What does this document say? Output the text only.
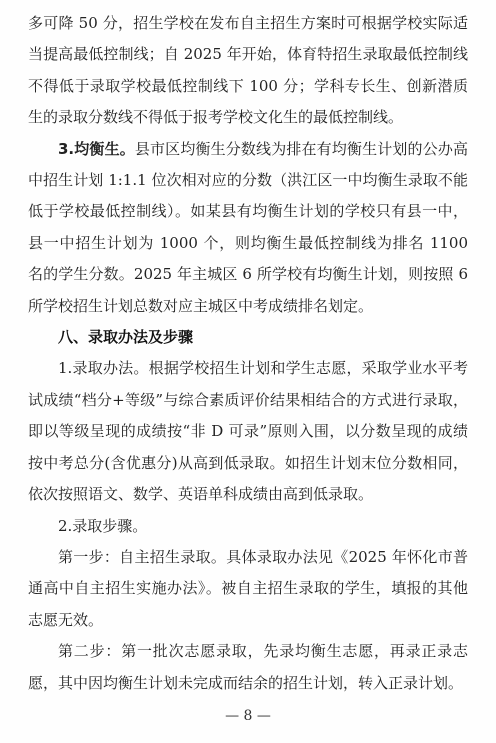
多可降 50 分，招生学校在发布自主招生方案时可根据学校实际适当提高最低控制线；自 2025 年开始，体育特招生录取最低控制线不得低于录取学校最低控制线下 100 分；学科专长生、创新潜质生的录取分数线不得低于报考学校文化生的最低控制线。

3.均衡生。县市区均衡生分数线为排在有均衡生计划的公办高中招生计划 1:1.1 位次相对应的分数（洪江区一中均衡生录取不能低于学校最低控制线）。如某县有均衡生计划的学校只有县一中，县一中招生计划为 1000 个，则均衡生最低控制线为排名 1100 名的学生分数。2025 年主城区 6 所学校有均衡生计划，则按照 6 所学校招生计划总数对应主城区中考成绩排名划定。

八、录取办法及步骤

1.录取办法。根据学校招生计划和学生志愿，采取学业水平考试成绩“档分+等级”与综合素质评价结果相结合的方式进行录取，即以等级呈现的成绩按“非 D 可录”原则入围，以分数呈现的成绩按中考总分(含优惠分)从高到低录取。如招生计划末位分数相同，依次按照语文、数学、英语单科成绩由高到低录取。

2.录取步骤。

第一步：自主招生录取。具体录取办法见《2025 年怀化市普通高中自主招生实施办法》。被自主招生录取的学生，填报的其他志愿无效。

第二步：第一批次志愿录取，先录均衡生志愿，再录正录志愿，其中因均衡生计划未完成而结余的招生计划，转入正录计划。

— 8 —
